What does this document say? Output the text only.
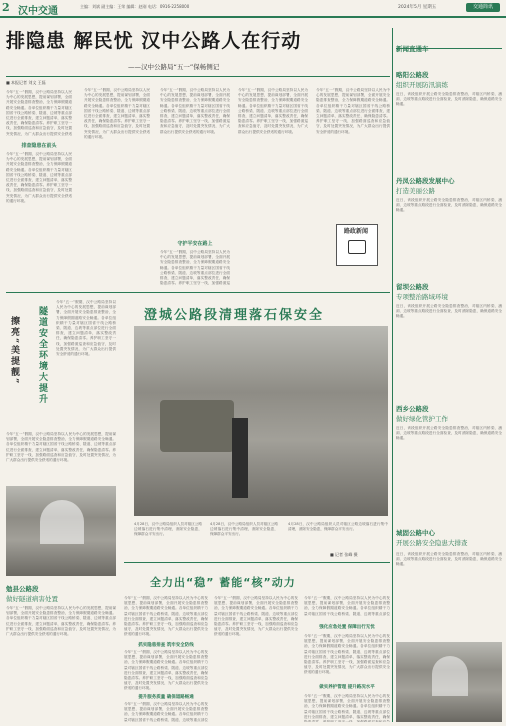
2 汉中交通	主编：刘斌 副主编：王荣 编辑：赵刚 电话：0916-2258000	2024年5月 星期五	交通简讯
排隐患 解民忧 汉中公路人在行动
——汉中公路局“五一”保畅侧记
■ 本报记者 刘文 王磊
今年“五一”假期，汉中公路局坚持以人民为中心的发展思想，提前谋划部署，全面开展安全隐患排查整治，全力保障假期道路安全畅通。各单位组织精干力量对辖区国省干线公路桥梁、隧道、边坡等重点部位进行全面排查，建立问题清单，落实整改责任，确保隐患清零。养护职工坚守一线，加强路面巡查和应急值守，及时处置突发情况，为广大群众出行提供安全舒适
排查隐患在前头
今年“五一”假期，汉中公路局坚持以人民为中心的发展思想，提前谋划部署，全面开展安全隐患排查整治，全力保障假期道路安全畅通。各单位组织精干力量对辖区国省干线公路桥梁、隧道、边坡等重点部位进行全面排查，建立问题清单，落实整改责任，确保隐患清零。养护职工坚守一线，加强路面巡查和应急值守，及时处置突发情况，为广大群众出行提供安全舒适的通行环境。
今年“五一”假期，汉中公路局坚持以人民为中心的发展思想，提前谋划部署，全面开展安全隐患排查整治，全力保障假期道路安全畅通。各单位组织精干力量对辖区国省干线公路桥梁、隧道、边坡等重点部位进行全面排查，建立问题清单，落实整改责任，确保隐患清零。养护职工坚守一线，加强路面巡查和应急值守，及时处置突发情况，为广大群众出行提供安全舒适的通行环境。
今年“五一”假期，汉中公路局坚持以人民为中心的发展思想，提前谋划部署，全面开展安全隐患排查整治，全力保障假期道路安全畅通。各单位组织精干力量对辖区国省干线公路桥梁、隧道、边坡等重点部位进行全面排查，建立问题清单，落实整改责任，确保隐患清零。养护职工坚守一线，加强路面巡查和应急值守，及时处置突发情况，为广大群众出行提供安全舒适的通行环境。
守护平安在路上
今年“五一”假期，汉中公路局坚持以人民为中心的发展思想，提前谋划部署，全面开展安全隐患排查整治，全力保障假期道路安全畅通。各单位组织精干力量对辖区国省干线公路桥梁、隧道、边坡等重点部位进行全面排查，建立问题清单，落实整改责任，确保隐患清零。养护职工坚守一线，加强路面巡
今年“五一”假期，汉中公路局坚持以人民为中心的发展思想，提前谋划部署，全面开展安全隐患排查整治，全力保障假期道路安全畅通。各单位组织精干力量对辖区国省干线公路桥梁、隧道、边坡等重点部位进行全面排查，建立问题清单，落实整改责任，确保隐患清零。养护职工坚守一线，加强路面巡查和应急值守，及时处置突发情况，为广大群众出行提供安全舒适的通行环境。
今年“五一”假期，汉中公路局坚持以人民为中心的发展思想，提前谋划部署，全面开展安全隐患排查整治，全力保障假期道路安全畅通。各单位组织精干力量对辖区国省干线公路桥梁、隧道、边坡等重点部位进行全面排查，建立问题清单，落实整改责任，确保隐患清零。养护职工坚守一线，加强路面巡查和应急值守，及时处置突发情况，为广大群众出行提供安全舒适的通行环境。
路政新闻
隧道安全环境大提升
擦亮“美提靓”
今年“五一”假期，汉中公路局坚持以人民为中心的发展思想，提前谋划部署，全面开展安全隐患排查整治，全力保障假期道路安全畅通。各单位组织精干力量对辖区国省干线公路桥梁、隧道、边坡等重点部位进行全面排查，建立问题清单，落实整改责任，确保隐患清零。养护职工坚守一线，加强路面巡查和应急值守，及时处置突发情况，为广大群众出行提供安全舒适的通行环境。
今年“五一”假期，汉中公路局坚持以人民为中心的发展思想，提前谋划部署，全面开展安全隐患排查整治，全力保障假期道路安全畅通。各单位组织精干力量对辖区国省干线公路桥梁、隧道、边坡等重点部位进行全面排查，建立问题清单，落实整改责任，确保隐患清零。养护职工坚守一线，加强路面巡查和应急值守，及时处置突发情况，为广大群众出行提供安全舒适的通行环境。
勉县公路段
做好隧道病害处置
今年“五一”假期，汉中公路局坚持以人民为中心的发展思想，提前谋划部署，全面开展安全隐患排查整治，全力保障假期道路安全畅通。各单位组织精干力量对辖区国省干线公路桥梁、隧道、边坡等重点部位进行全面排查，建立问题清单，落实整改责任，确保隐患清零。养护职工坚守一线，加强路面巡查和应急值守，及时处置突发情况，为广大群众出行提供安全舒适的通行环境。
澄城公路段清理落石保安全
4月28日，汉中公路局组织人员对辖区公路边坡落石进行集中清理，消除安全隐患，保障群众平安出行。
4月28日，汉中公路局组织人员对辖区公路边坡落石进行集中清理，消除安全隐患，保障群众平安出行。
4月28日，汉中公路局组织人员对辖区公路边坡落石进行集中清理，消除安全隐患，保障群众平安出行。
■ 记者 张峰 摄
全力出“稳” 蓄能“核”动力
今年“五一”假期，汉中公路局坚持以人民为中心的发展思想，提前谋划部署，全面开展安全隐患排查整治，全力保障假期道路安全畅通。各单位组织精干力量对辖区国省干线公路桥梁、隧道、边坡等重点部位进行全面排查，建立问题清单，落实整改责任，确保隐患清零。养护职工坚守一线，加强路面巡查和应急值守，及时处置突发情况，为广大群众出行提供安全舒适的通行环境。
抓实隐患排查 筑牢安全防线
今年“五一”假期，汉中公路局坚持以人民为中心的发展思想，提前谋划部署，全面开展安全隐患排查整治，全力保障假期道路安全畅通。各单位组织精干力量对辖区国省干线公路桥梁、隧道、边坡等重点部位进行全面排查，建立问题清单，落实整改责任，确保隐患清零。养护职工坚守一线，加强路面巡查和应急值守，及时处置突发情况，为广大群众出行提供安全舒适的通行环境。
提升服务质量 确保道路畅通
今年“五一”假期，汉中公路局坚持以人民为中心的发展思想，提前谋划部署，全面开展安全隐患排查整治，全力保障假期道路安全畅通。各单位组织精干力量对辖区国省干线公路桥梁、隧道、边坡等重点部位
今年“五一”假期，汉中公路局坚持以人民为中心的发展思想，提前谋划部署，全面开展安全隐患排查整治，全力保障假期道路安全畅通。各单位组织精干力量对辖区国省干线公路桥梁、隧道、边坡等重点部位进行全面排查，建立问题清单，落实整改责任，确保隐患清零。养护职工坚守一线，加强路面巡查和应急值守，及时处置突发情况，为广大群众出行提供安全舒适的通行环境。
今年“五一”假期，汉中公路局坚持以人民为中心的发展思想，提前谋划部署，全面开展安全隐患排查整治，全力保障假期道路安全畅通。各单位组织精干力量对辖区国省干线公路桥梁、隧道、边坡等重点部位
强化应急处置 保障出行无忧
今年“五一”假期，汉中公路局坚持以人民为中心的发展思想，提前谋划部署，全面开展安全隐患排查整治，全力保障假期道路安全畅通。各单位组织精干力量对辖区国省干线公路桥梁、隧道、边坡等重点部位进行全面排查，建立问题清单，落实整改责任，确保隐患清零。养护职工坚守一线，加强路面巡查和应急值守，及时处置突发情况，为广大群众出行提供安全舒适的通行环境。
做实养护管理 提升路况水平
今年“五一”假期，汉中公路局坚持以人民为中心的发展思想，提前谋划部署，全面开展安全隐患排查整治，全力保障假期道路安全畅通。各单位组织精干力量对辖区国省干线公路桥梁、隧道、边坡等重点部位进行全面排查，建立问题清单，落实整改责任，确保
新闻直通车
略阳公路段
组织开展防汛演练
近日，该段组织开展公路安全隐患排查整治，对辖区内桥梁、涵洞、边坡等重点路段进行全面检查，及时消除隐患，确保道路安全畅通。
丹凤公路段发展中心
打造美丽公路
近日，该段组织开展公路安全隐患排查整治，对辖区内桥梁、涵洞、边坡等重点路段进行全面检查，及时消除隐患，确保道路安全畅通。
留坝公路段
专项整治路域环境
近日，该段组织开展公路安全隐患排查整治，对辖区内桥梁、涵洞、边坡等重点路段进行全面检查，及时消除隐患，确保道路安全畅通。
西乡公路段
做好绿化管护工作
近日，该段组织开展公路安全隐患排查整治，对辖区内桥梁、涵洞、边坡等重点路段进行全面检查，及时消除隐患，确保道路安全畅通。
城固公路中心
开展公路安全隐患大排查
近日，该段组织开展公路安全隐患排查整治，对辖区内桥梁、涵洞、边坡等重点路段进行全面检查，及时消除隐患，确保道路安全畅通。
